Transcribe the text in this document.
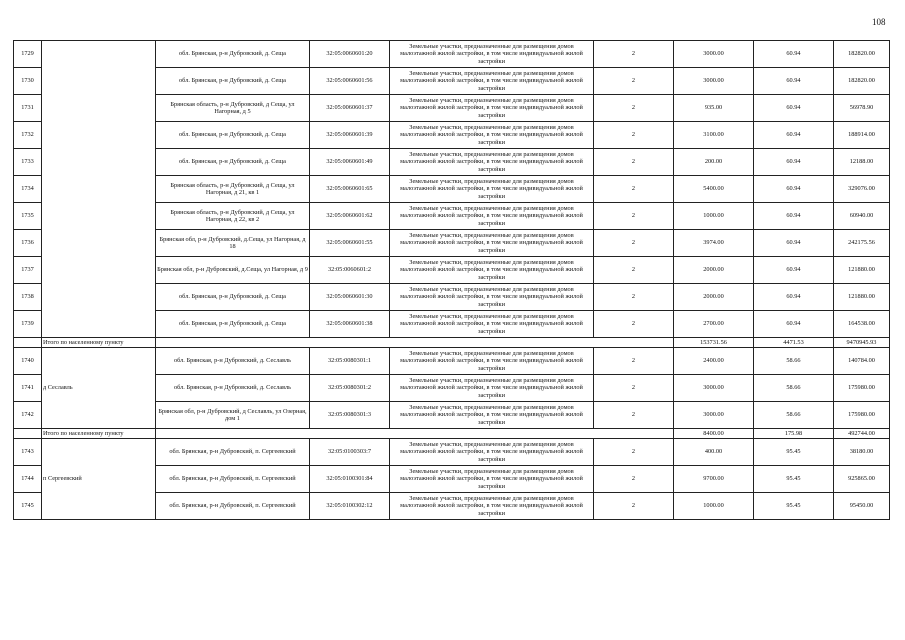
108
1729		обл. Брянская, р-н Дубровский, д. Сеща	32:05:0060601:20	Земельные участки, предназначенные для размещения домов малоэтажной жилой застройки, в том числе индивидуальной жилой застройки	2	3000.00	60.94	182820.00
1730		обл. Брянская, р-н Дубровский, д. Сеща	32:05:0060601:56	Земельные участки, предназначенные для размещения домов малоэтажной жилой застройки, в том числе индивидуальной жилой застройки	2	3000.00	60.94	182820.00
1731		Брянская область, р-н Дубровский, д Сеща, ул Нагорная, д 5	32:05:0060601:37	Земельные участки, предназначенные для размещения домов малоэтажной жилой застройки, в том числе индивидуальной жилой застройки	2	935.00	60.94	56978.90
1732		обл. Брянская, р-н Дубровский, д. Сеща	32:05:0060601:39	Земельные участки, предназначенные для размещения домов малоэтажной жилой застройки, в том числе индивидуальной жилой застройки	2	3100.00	60.94	188914.00
1733		обл. Брянская, р-н Дубровский, д. Сеща	32:05:0060601:49	Земельные участки, предназначенные для размещения домов малоэтажной жилой застройки, в том числе индивидуальной жилой застройки	2	200.00	60.94	12188.00
1734		Брянская область, р-н Дубровский, д Сеща, ул Нагорная, д 21, кв 1	32:05:0060601:65	Земельные участки, предназначенные для размещения домов малоэтажной жилой застройки, в том числе индивидуальной жилой застройки	2	5400.00	60.94	329076.00
1735		Брянская область, р-н Дубровский, д Сеща, ул Нагорная, д 22, кв 2	32:05:0060601:62	Земельные участки, предназначенные для размещения домов малоэтажной жилой застройки, в том числе индивидуальной жилой застройки	2	1000.00	60.94	60940.00
1736		Брянская обл, р-н Дубровский, д.Сеща, ул Нагорная, д 18	32:05:0060601:55	Земельные участки, предназначенные для размещения домов малоэтажной жилой застройки, в том числе индивидуальной жилой застройки	2	3974.00	60.94	242175.56
1737		Брянская обл, р-н Дубровский, д.Сеща, ул Нагорная, д 9	32:05:0060601:2	Земельные участки, предназначенные для размещения домов малоэтажной жилой застройки, в том числе индивидуальной жилой застройки	2	2000.00	60.94	121880.00
1738		обл. Брянская, р-н Дубровский, д. Сеща	32:05:0060601:30	Земельные участки, предназначенные для размещения домов малоэтажной жилой застройки, в том числе индивидуальной жилой застройки	2	2000.00	60.94	121880.00
1739		обл. Брянская, р-н Дубровский, д. Сеща	32:05:0060601:38	Земельные участки, предназначенные для размещения домов малоэтажной жилой застройки, в том числе индивидуальной жилой застройки	2	2700.00	60.94	164538.00
	Итого по населенному пункту					153731.56	4471.53	9470945.93
1740	д Сеславль	обл. Брянская, р-н Дубровский, д. Сеславль	32:05:0080301:1	Земельные участки, предназначенные для размещения домов малоэтажной жилой застройки, в том числе индивидуальной жилой застройки	2	2400.00	58.66	140784.00
1741		обл. Брянская, р-н Дубровский, д. Сеславль	32:05:0080301:2	Земельные участки, предназначенные для размещения домов малоэтажной жилой застройки, в том числе индивидуальной жилой застройки	2	3000.00	58.66	175980.00
1742		Брянская обл, р-н Дубровский, д Сеславль, ул Озерная, дом 1	32:05:0080301:3	Земельные участки, предназначенные для размещения домов малоэтажной жилой застройки, в том числе индивидуальной жилой застройки	2	3000.00	58.66	175980.00
	Итого по населенному пункту					8400.00	175.98	492744.00
1743	п Сергеевский	обл. Брянская, р-н Дубровский, п. Сергеевский	32:05:0100303:7	Земельные участки, предназначенные для размещения домов малоэтажной жилой застройки, в том числе индивидуальной жилой застройки	2	400.00	95.45	38180.00
1744		обл. Брянская, р-н Дубровский, п. Сергеевский	32:05:0100301:84	Земельные участки, предназначенные для размещения домов малоэтажной жилой застройки, в том числе индивидуальной жилой застройки	2	9700.00	95.45	925865.00
1745		обл. Брянская, р-н Дубровский, п. Сергеевский	32:05:0100302:12	Земельные участки, предназначенные для размещения домов малоэтажной жилой застройки, в том числе индивидуальной жилой застройки	2	1000.00	95.45	95450.00
